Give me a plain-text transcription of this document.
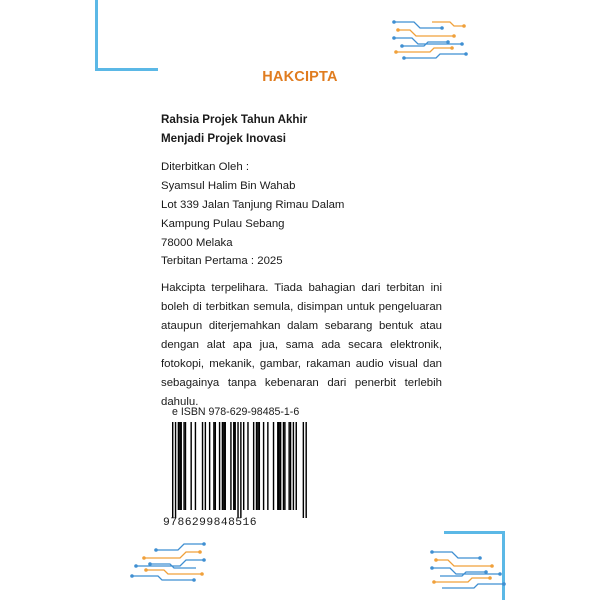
HAKCIPTA
Rahsia Projek Tahun Akhir
Menjadi Projek Inovasi
Diterbitkan Oleh :
Syamsul Halim Bin Wahab
Lot 339 Jalan Tanjung Rimau Dalam
Kampung Pulau Sebang
78000 Melaka
Terbitan Pertama : 2025
Hakcipta terpelihara. Tiada bahagian dari terbitan ini
boleh di terbitkan semula, disimpan untuk pengeluaran
ataupun diterjemahkan dalam sebarang bentuk atau
dengan alat apa jua, sama ada secara elektronik,
fotokopi, mekanik, gambar, rakaman audio visual dan
sebagainya tanpa kebenaran dari penerbit terlebih
dahulu.
e ISBN 978-629-98485-1-6
9786299848516
